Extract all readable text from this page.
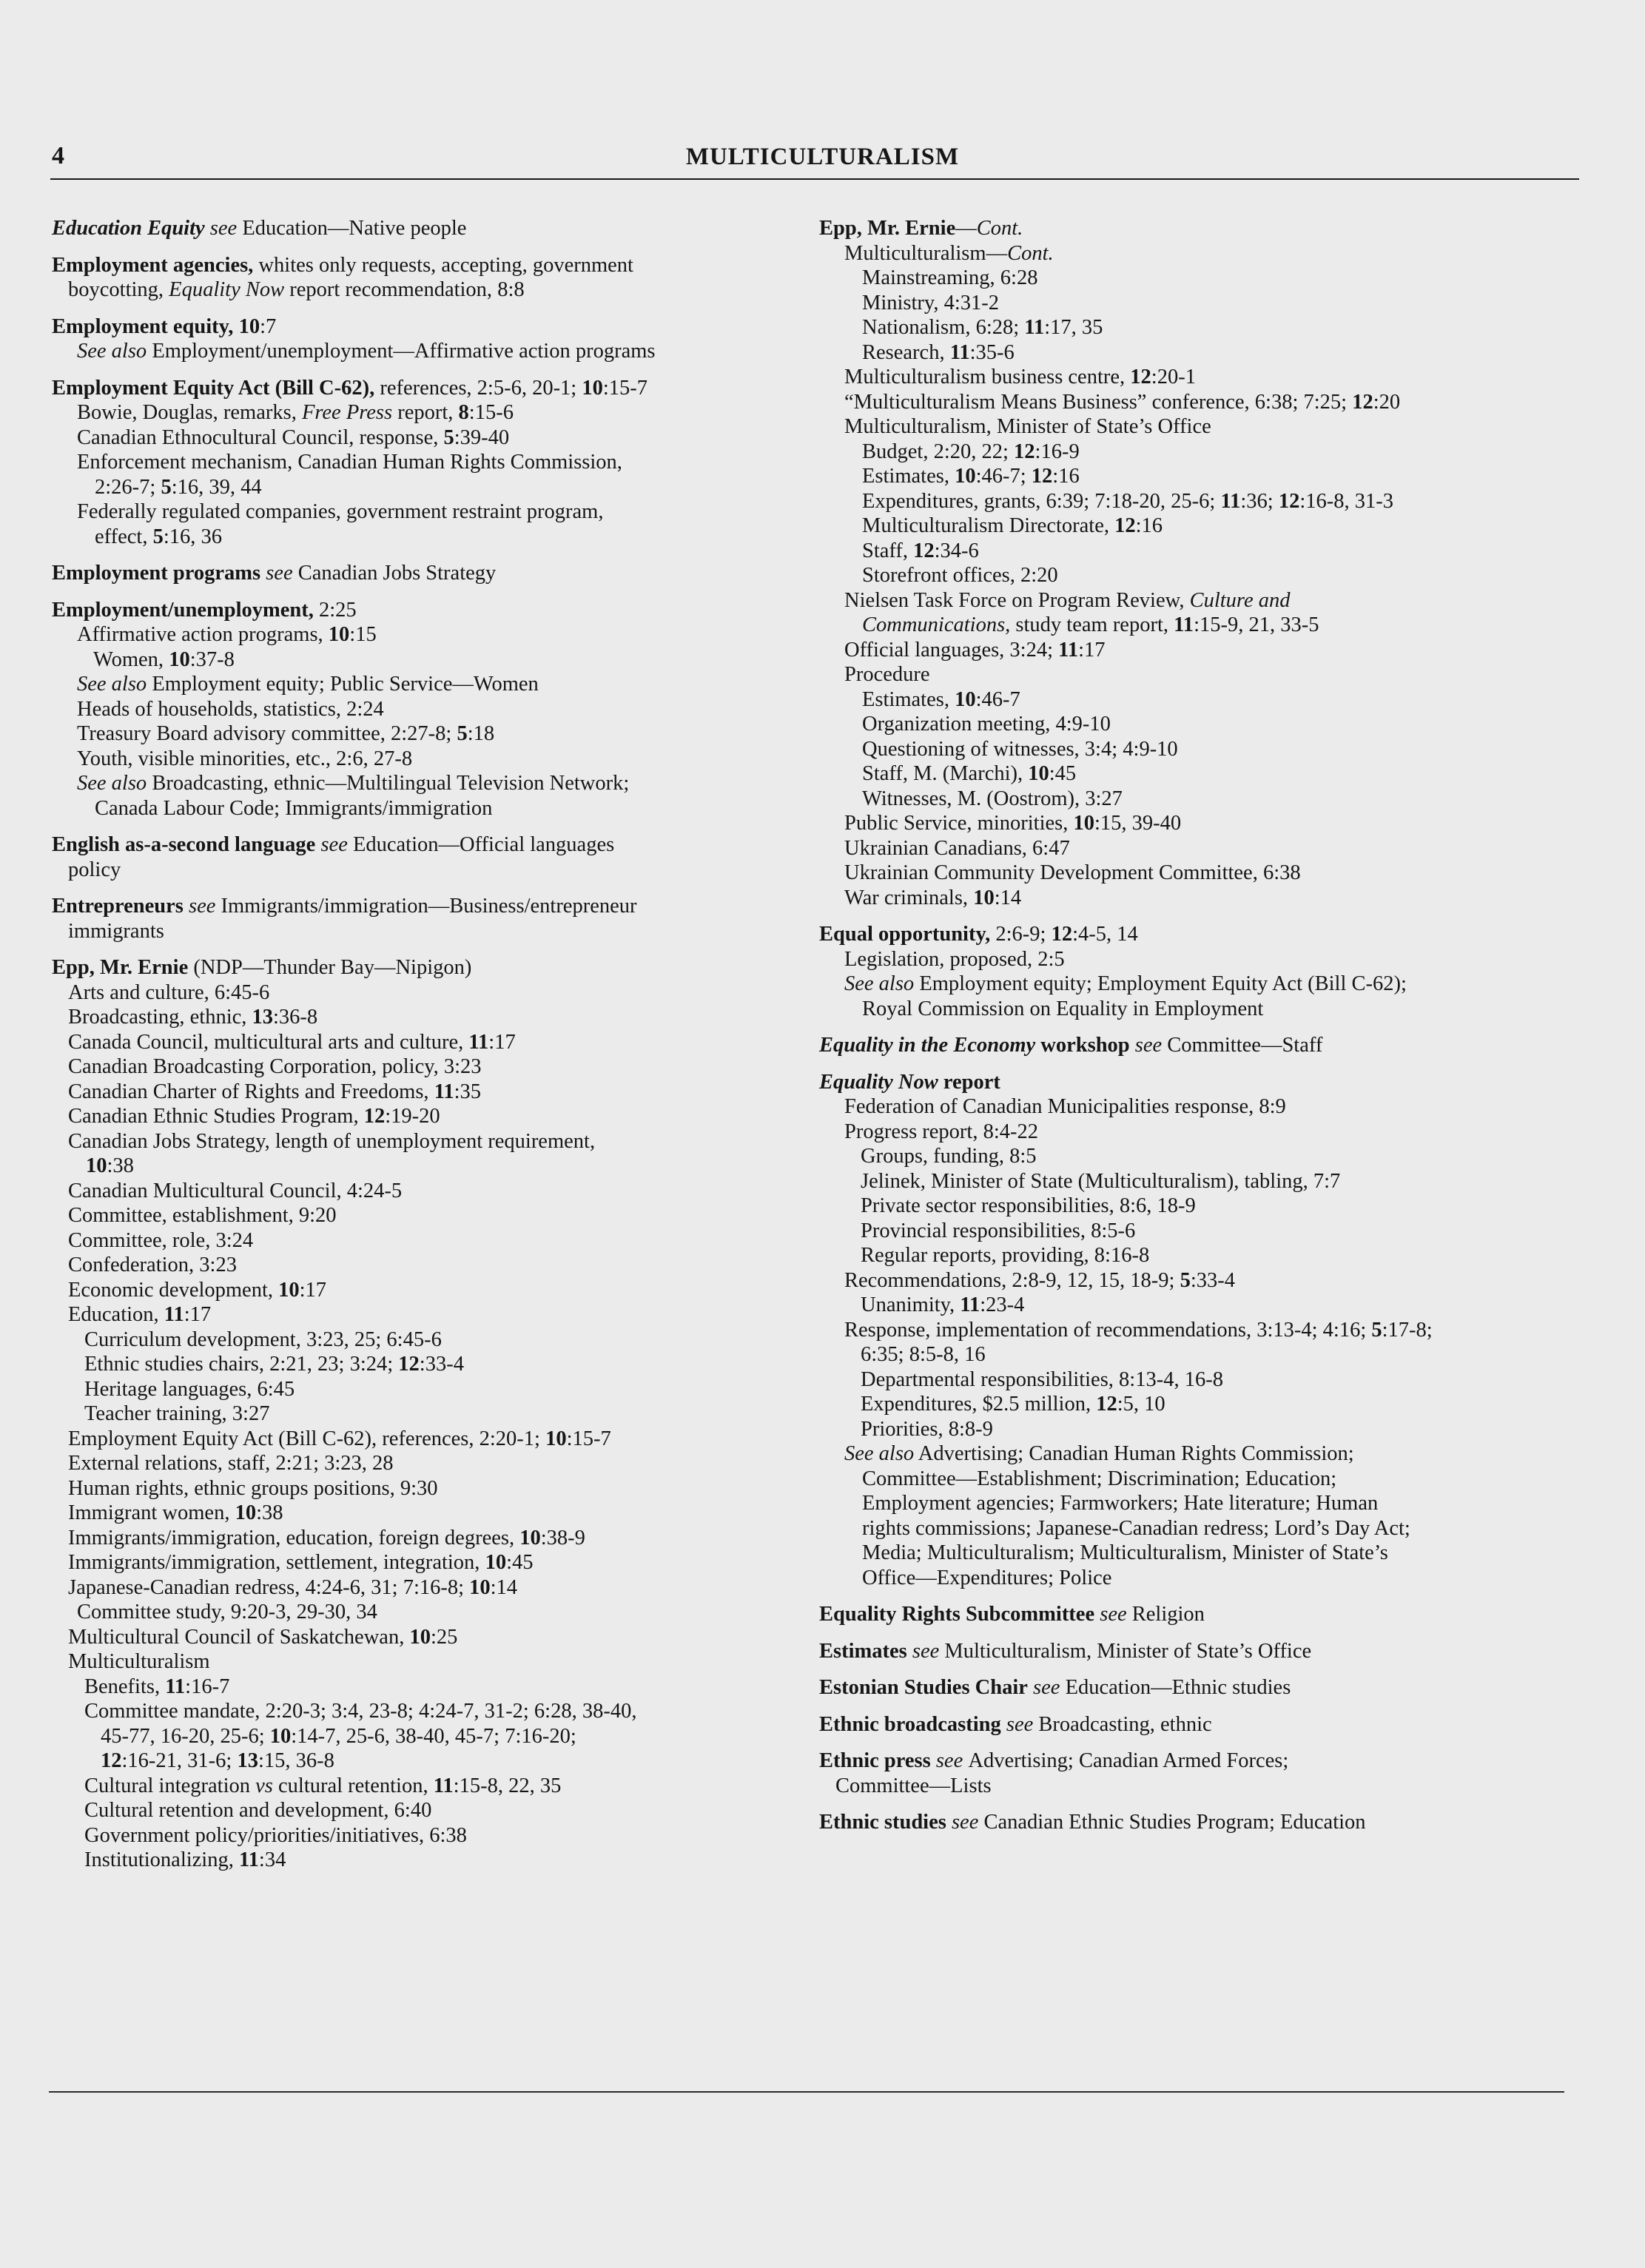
4	MULTICULTURALISM
Education Equity see Education—Native people
Employment agencies, whites only requests, accepting, government
boycotting, Equality Now report recommendation, 8:8
Employment equity, 10:7
See also Employment/unemployment—Affirmative action programs
Employment Equity Act (Bill C-62), references, 2:5-6, 20-1; 10:15-7
Bowie, Douglas, remarks, Free Press report, 8:15-6
Canadian Ethnocultural Council, response, 5:39-40
Enforcement mechanism, Canadian Human Rights Commission,
2:26-7; 5:16, 39, 44
Federally regulated companies, government restraint program,
effect, 5:16, 36
Employment programs see Canadian Jobs Strategy
Employment/unemployment, 2:25
Affirmative action programs, 10:15
Women, 10:37-8
See also Employment equity; Public Service—Women
Heads of households, statistics, 2:24
Treasury Board advisory committee, 2:27-8; 5:18
Youth, visible minorities, etc., 2:6, 27-8
See also Broadcasting, ethnic—Multilingual Television Network;
Canada Labour Code; Immigrants/immigration
English as-a-second language see Education—Official languages
policy
Entrepreneurs see Immigrants/immigration—Business/entrepreneur
immigrants
Epp, Mr. Ernie (NDP—Thunder Bay—Nipigon)
Arts and culture, 6:45-6
Broadcasting, ethnic, 13:36-8
Canada Council, multicultural arts and culture, 11:17
Canadian Broadcasting Corporation, policy, 3:23
Canadian Charter of Rights and Freedoms, 11:35
Canadian Ethnic Studies Program, 12:19-20
Canadian Jobs Strategy, length of unemployment requirement,
10:38
Canadian Multicultural Council, 4:24-5
Committee, establishment, 9:20
Committee, role, 3:24
Confederation, 3:23
Economic development, 10:17
Education, 11:17
Curriculum development, 3:23, 25; 6:45-6
Ethnic studies chairs, 2:21, 23; 3:24; 12:33-4
Heritage languages, 6:45
Teacher training, 3:27
Employment Equity Act (Bill C-62), references, 2:20-1; 10:15-7
External relations, staff, 2:21; 3:23, 28
Human rights, ethnic groups positions, 9:30
Immigrant women, 10:38
Immigrants/immigration, education, foreign degrees, 10:38-9
Immigrants/immigration, settlement, integration, 10:45
Japanese-Canadian redress, 4:24-6, 31; 7:16-8; 10:14
Committee study, 9:20-3, 29-30, 34
Multicultural Council of Saskatchewan, 10:25
Multiculturalism
Benefits, 11:16-7
Committee mandate, 2:20-3; 3:4, 23-8; 4:24-7, 31-2; 6:28, 38-40,
45-77, 16-20, 25-6; 10:14-7, 25-6, 38-40, 45-7; 7:16-20;
12:16-21, 31-6; 13:15, 36-8
Cultural integration vs cultural retention, 11:15-8, 22, 35
Cultural retention and development, 6:40
Government policy/priorities/initiatives, 6:38
Institutionalizing, 11:34
Epp, Mr. Ernie—Cont.
Multiculturalism—Cont.
Mainstreaming, 6:28
Ministry, 4:31-2
Nationalism, 6:28; 11:17, 35
Research, 11:35-6
Multiculturalism business centre, 12:20-1
“Multiculturalism Means Business” conference, 6:38; 7:25; 12:20
Multiculturalism, Minister of State’s Office
Budget, 2:20, 22; 12:16-9
Estimates, 10:46-7; 12:16
Expenditures, grants, 6:39; 7:18-20, 25-6; 11:36; 12:16-8, 31-3
Multiculturalism Directorate, 12:16
Staff, 12:34-6
Storefront offices, 2:20
Nielsen Task Force on Program Review, Culture and
Communications, study team report, 11:15-9, 21, 33-5
Official languages, 3:24; 11:17
Procedure
Estimates, 10:46-7
Organization meeting, 4:9-10
Questioning of witnesses, 3:4; 4:9-10
Staff, M. (Marchi), 10:45
Witnesses, M. (Oostrom), 3:27
Public Service, minorities, 10:15, 39-40
Ukrainian Canadians, 6:47
Ukrainian Community Development Committee, 6:38
War criminals, 10:14
Equal opportunity, 2:6-9; 12:4-5, 14
Legislation, proposed, 2:5
See also Employment equity; Employment Equity Act (Bill C-62);
Royal Commission on Equality in Employment
Equality in the Economy workshop see Committee—Staff
Equality Now report
Federation of Canadian Municipalities response, 8:9
Progress report, 8:4-22
Groups, funding, 8:5
Jelinek, Minister of State (Multiculturalism), tabling, 7:7
Private sector responsibilities, 8:6, 18-9
Provincial responsibilities, 8:5-6
Regular reports, providing, 8:16-8
Recommendations, 2:8-9, 12, 15, 18-9; 5:33-4
Unanimity, 11:23-4
Response, implementation of recommendations, 3:13-4; 4:16; 5:17-8;
6:35; 8:5-8, 16
Departmental responsibilities, 8:13-4, 16-8
Expenditures, $2.5 million, 12:5, 10
Priorities, 8:8-9
See also Advertising; Canadian Human Rights Commission;
Committee—Establishment; Discrimination; Education;
Employment agencies; Farmworkers; Hate literature; Human
rights commissions; Japanese-Canadian redress; Lord’s Day Act;
Media; Multiculturalism; Multiculturalism, Minister of State’s
Office—Expenditures; Police
Equality Rights Subcommittee see Religion
Estimates see Multiculturalism, Minister of State’s Office
Estonian Studies Chair see Education—Ethnic studies
Ethnic broadcasting see Broadcasting, ethnic
Ethnic press see Advertising; Canadian Armed Forces;
Committee—Lists
Ethnic studies see Canadian Ethnic Studies Program; Education
